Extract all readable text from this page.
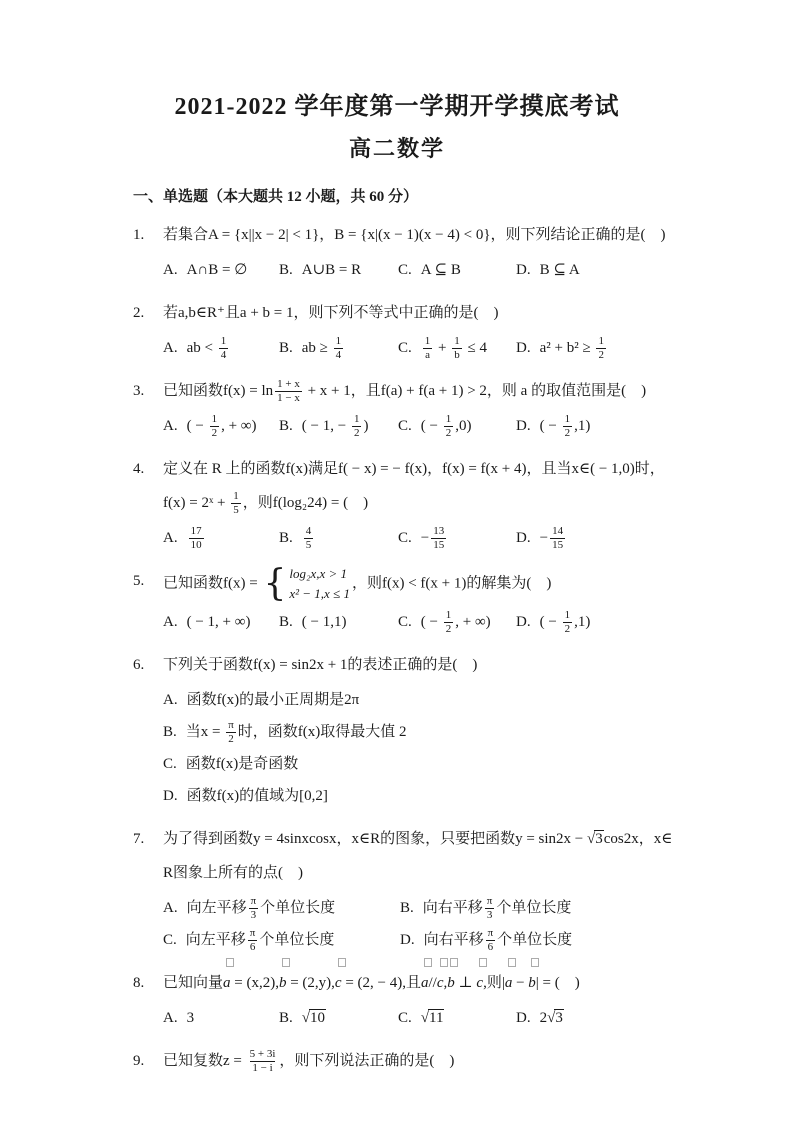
2021-2022 学年度第一学期开学摸底考试
高二数学
一、单选题（本大题共 12 小题，共 60 分）
1.	若集合A = {x||x − 2| < 1}，B = {x|(x − 1)(x − 4) < 0}，则下列结论正确的是( )
A. A∩B = ∅	B. A∪B = R	C. A ⊆ B	D. B ⊆ A
2.	若a,b∈R⁺且a + b = 1，则下列不等式中正确的是( )
A. ab < $\frac{1}{4}$	B. ab ≥ $\frac{1}{4}$	C. $\frac{1}{a} + \frac{1}{b} \le 4$	D. $a^2 + b^2 \ge \frac{1}{2}$
3.	已知函数$f(x) = \ln \frac{1 + x}{1 - x} + x + 1$，且f(a) + f(a + 1) > 2，则 a 的取值范围是( )
A. ( − $\frac{1}{2}$ , + ∞)	B. ( − 1, − $\frac{1}{2}$ )	C. ( − $\frac{1}{2} ,0$)	D. ( − $\frac{1}{2} ,1$)
4.	定义在 R 上的函数f(x)满足f( − x) = − f(x)，f(x) = f(x + 4)，且当x∈( − 1,0)时，
f(x) = 2ˣ + $\frac{1}{5}$ ，则f(log₂24) = ( )
A. $\frac{17}{10}$	B. $\frac{4}{5}$	C. − $\frac{13}{15}$	D. − $\frac{14}{15}$
5.	已知函数f(x) = { log₂x,x > 1
x² − 1,x ≤ 1
，则f(x) < f(x + 1)的解集为( )
A. ( − 1, + ∞)	B. ( − 1,1)	C. ( − $\frac{1}{2}$ , + ∞)	D. ( − $\frac{1}{2} ,1$)
6.	下列关于函数f(x) = sin2x + 1的表述正确的是( )
A. 函数f(x)的最小正周期是2π
B. 当$x = \frac{\pi}{2}$ 时，函数f(x)取得最大值 2
C. 函数f(x)是奇函数
D. 函数f(x)的值域为[0,2]
7.	为了得到函数y = 4sinxcosx，x∈R的图象，只要把函数y = sin2x − √3cos2x，x∈
R图象上所有的点( )
A. 向左平移 $\frac{\pi}{3}$ 个单位长度	B. 向右平移 $\frac{\pi}{3}$ 个单位长度
C. 向左平移 $\frac{\pi}{6}$ 个单位长度	D. 向右平移 $\frac{\pi}{6}$ 个单位长度
8.	已知向量
a = (x,2),
b = (2,y),
c = (2, − 4),且
a//
c,
b ⊥
c,则|
a −
b| = ( )
A. 3	B. √10	C. √11	D. 2√3
9.	已知复数$z = \frac{5 + 3i}{1 - i}$ ，则下列说法正确的是( )
